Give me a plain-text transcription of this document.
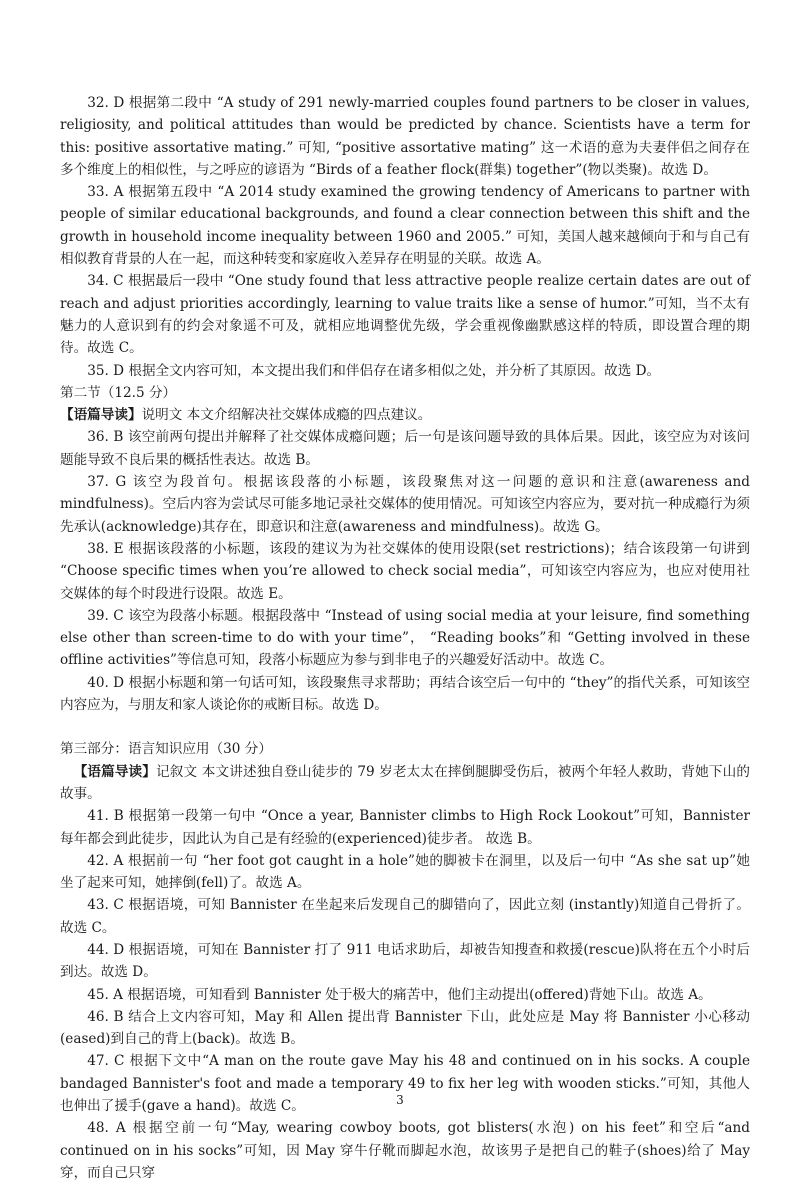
32. D 根据第二段中 “A study of 291 newly-married couples found partners to be closer in values, religiosity, and political attitudes than would be predicted by chance. Scientists have a term for this: positive assortative mating.” 可知, “positive assortative mating” 这一术语的意为夫妻伴侣之间存在多个维度上的相似性，与之呼应的谚语为 “Birds of a feather flock(群集) together”(物以类聚)。故选 D。

33. A 根据第五段中 “A 2014 study examined the growing tendency of Americans to partner with people of similar educational backgrounds, and found a clear connection between this shift and the growth in household income inequality between 1960 and 2005.” 可知，美国人越来越倾向于和与自己有相似教育背景的人在一起，而这种转变和家庭收入差异存在明显的关联。故选 A。

34. C 根据最后一段中 “One study found that less attractive people realize certain dates are out of reach and adjust priorities accordingly, learning to value traits like a sense of humor.”可知，当不太有魅力的人意识到有的约会对象遥不可及，就相应地调整优先级，学会重视像幽默感这样的特质，即设置合理的期待。故选 C。

35. D 根据全文内容可知，本文提出我们和伴侣存在诸多相似之处，并分析了其原因。故选 D。

第二节（12.5 分）

【语篇导读】说明文 本文介绍解决社交媒体成瘾的四点建议。

36. B 该空前两句提出并解释了社交媒体成瘾问题；后一句是该问题导致的具体后果。因此，该空应为对该问题能导致不良后果的概括性表达。故选 B。

37. G 该空为段首句。根据该段落的小标题，该段聚焦对这一问题的意识和注意(awareness and mindfulness)。空后内容为尝试尽可能多地记录社交媒体的使用情况。可知该空内容应为，要对抗一种成瘾行为须先承认(acknowledge)其存在，即意识和注意(awareness and mindfulness)。故选 G。

38. E 根据该段落的小标题，该段的建议为为社交媒体的使用设限(set restrictions)；结合该段第一句讲到 “Choose specific times when you’re allowed to check social media”，可知该空内容应为，也应对使用社交媒体的每个时段进行设限。故选 E。

39. C 该空为段落小标题。根据段落中 “Instead of using social media at your leisure, find something else other than screen-time to do with your time”， “Reading books”和 “Getting involved in these offline activities”等信息可知，段落小标题应为参与到非电子的兴趣爱好活动中。故选 C。

40. D 根据小标题和第一句话可知，该段聚焦寻求帮助；再结合该空后一句中的 “they”的指代关系，可知该空内容应为，与朋友和家人谈论你的戒断目标。故选 D。

第三部分：语言知识应用（30 分）

【语篇导读】记叙文 本文讲述独自登山徒步的 79 岁老太太在摔倒腿脚受伤后，被两个年轻人救助，背她下山的故事。

41. B 根据第一段第一句中 “Once a year, Bannister climbs to High Rock Lookout”可知，Bannister 每年都会到此徒步，因此认为自己是有经验的(experienced)徒步者。 故选 B。

42. A 根据前一句 “her foot got caught in a hole”她的脚被卡在洞里，以及后一句中 “As she sat up”她坐了起来可知，她摔倒(fell)了。故选 A。

43. C 根据语境，可知 Bannister 在坐起来后发现自己的脚错向了，因此立刻 (instantly)知道自己骨折了。故选 C。

44. D 根据语境，可知在 Bannister 打了 911 电话求助后，却被告知搜查和救援(rescue)队将在五个小时后到达。故选 D。

45. A 根据语境，可知看到 Bannister 处于极大的痛苦中，他们主动提出(offered)背她下山。故选 A。

46. B 结合上文内容可知，May 和 Allen 提出背 Bannister 下山，此处应是 May 将 Bannister 小心移动(eased)到自己的背上(back)。故选 B。

47. C 根据下文中“A man on the route gave May his 48 and continued on in his socks. A couple bandaged Bannister's foot and made a temporary 49 to fix her leg with wooden sticks.”可知，其他人也伸出了援手(gave a hand)。故选 C。

48. A 根据空前一句“May, wearing cowboy boots, got blisters(水泡) on his feet”和空后“and continued on in his socks”可知，因 May 穿牛仔靴而脚起水泡，故该男子是把自己的鞋子(shoes)给了 May 穿，而自己只穿

3
